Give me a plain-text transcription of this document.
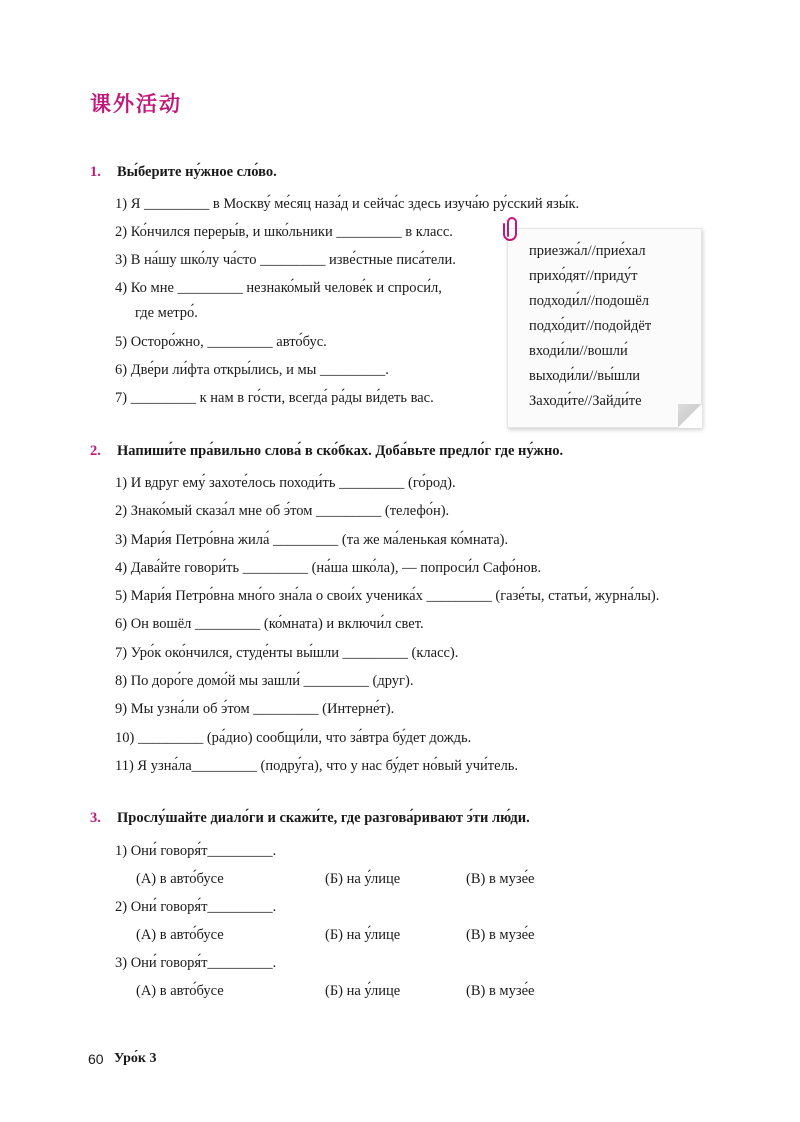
课外活动
1. Вы́берите ну́жное сло́во.
1) Я _________ в Москву́ ме́сяц наза́д и сейча́с здесь изуча́ю ру́сский язы́к.
2) Ко́нчился переры́в, и шко́льники _________ в класс.
3) В на́шу шко́лу ча́сто _________ изве́стные писа́тели.
4) Ко мне _________ незнако́мый челове́к и спроси́л,
где метро́.
5) Осторо́жно, _________ авто́бус.
6) Две́ри ли́фта откры́лись, и мы _________.
7) _________ к нам в го́сти, всегда́ ра́ды ви́деть вас.
приезжа́л//прие́хал
прихо́дят//приду́т
подходи́л//подошёл
подхо́дит//подойдёт
входи́ли//вошли́
выходи́ли//вы́шли
Заходи́те//Зайди́те
2. Напиши́те пра́вильно слова́ в ско́бках. Доба́вьте предло́г где ну́жно.
1) И вдруг ему́ захоте́лось походи́ть _________ (го́род).
2) Знако́мый сказа́л мне об э́том _________ (телефо́н).
3) Мари́я Петро́вна жила́ _________ (та же ма́ленькая ко́мната).
4) Дава́йте говори́ть _________ (на́ша шко́ла), — попроси́л Сафо́нов.
5) Мари́я Петро́вна мно́го зна́ла о свои́х ученика́х _________ (газе́ты, статьи́, журна́лы).
6) Он вошёл _________ (ко́мната) и включи́л свет.
7) Уро́к око́нчился, студе́нты вы́шли _________ (класс).
8) По доро́ге домо́й мы зашли́ _________ (друг).
9) Мы узна́ли об э́том _________ (Интерне́т).
10) _________ (ра́дио) сообщи́ли, что за́втра бу́дет дождь.
11) Я узна́ла_________ (подру́га), что у нас бу́дет но́вый учи́тель.
3. Прослу́шайте диало́ги и скажи́те, где разгова́ривают э́ти лю́ди.
1) Они́ говоря́т_________.
(А) в авто́бусе	(Б) на у́лице	(В) в музе́е
2) Они́ говоря́т_________.
(А) в авто́бусе	(Б) на у́лице	(В) в музе́е
3) Они́ говоря́т_________.
(А) в авто́бусе	(Б) на у́лице	(В) в музе́е
60 Уро́к 3
